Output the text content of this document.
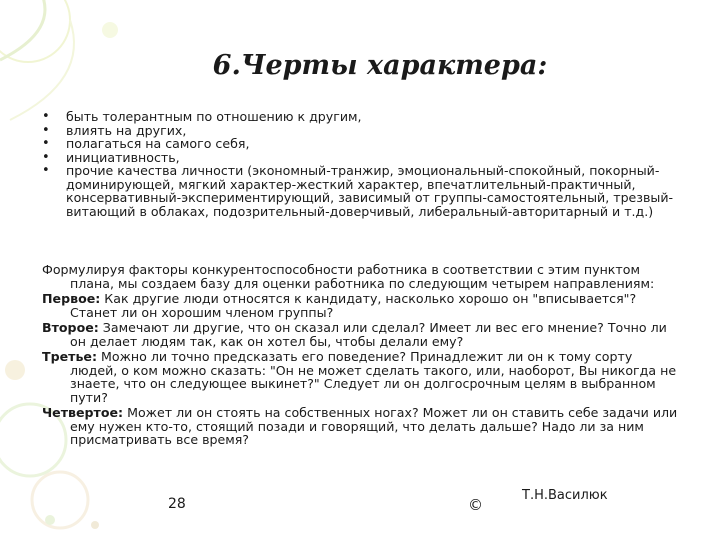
6.Черты характера:
• быть толерантным по отношению к другим,
• влиять на других,
• полагаться на самого себя,
• инициативность,
• прочие качества личности (экономный-транжир, эмоциональный-спокойный, покорный-доминирующей, мягкий характер-жесткий характер, впечатлительный-практичный, консервативный-экспериментирующий, зависимый от группы-самостоятельный, трезвый-витающий в облаках, подозрительный-доверчивый, либеральный-авторитарный и т.д.)

Формулируя факторы конкурентоспособности работника в соответствии с этим пунктом плана, мы создаем базу для оценки работника по следующим четырем направлениям:

Первое: Как другие люди относятся к кандидату, насколько хорошо он "вписывается"? Станет ли он хорошим членом группы?

Второе: Замечают ли другие, что он сказал или сделал? Имеет ли вес его мнение? Точно ли он делает людям так, как он хотел бы, чтобы делали ему?

Третье: Можно ли точно предсказать его поведение? Принадлежит ли он к тому сорту людей, о ком можно сказать: "Он не может сделать такого, или, наоборот, Вы никогда не знаете, что он следующее выкинет?" Следует ли он долгосрочным целям в выбранном пути?

Четвертое: Может ли он стоять на собственных ногах? Может ли он ставить себе задачи или ему нужен кто-то, стоящий позади и говорящий, что делать дальше? Надо ли за ним присматривать все время?

28	©
Т.Н.Василюк
